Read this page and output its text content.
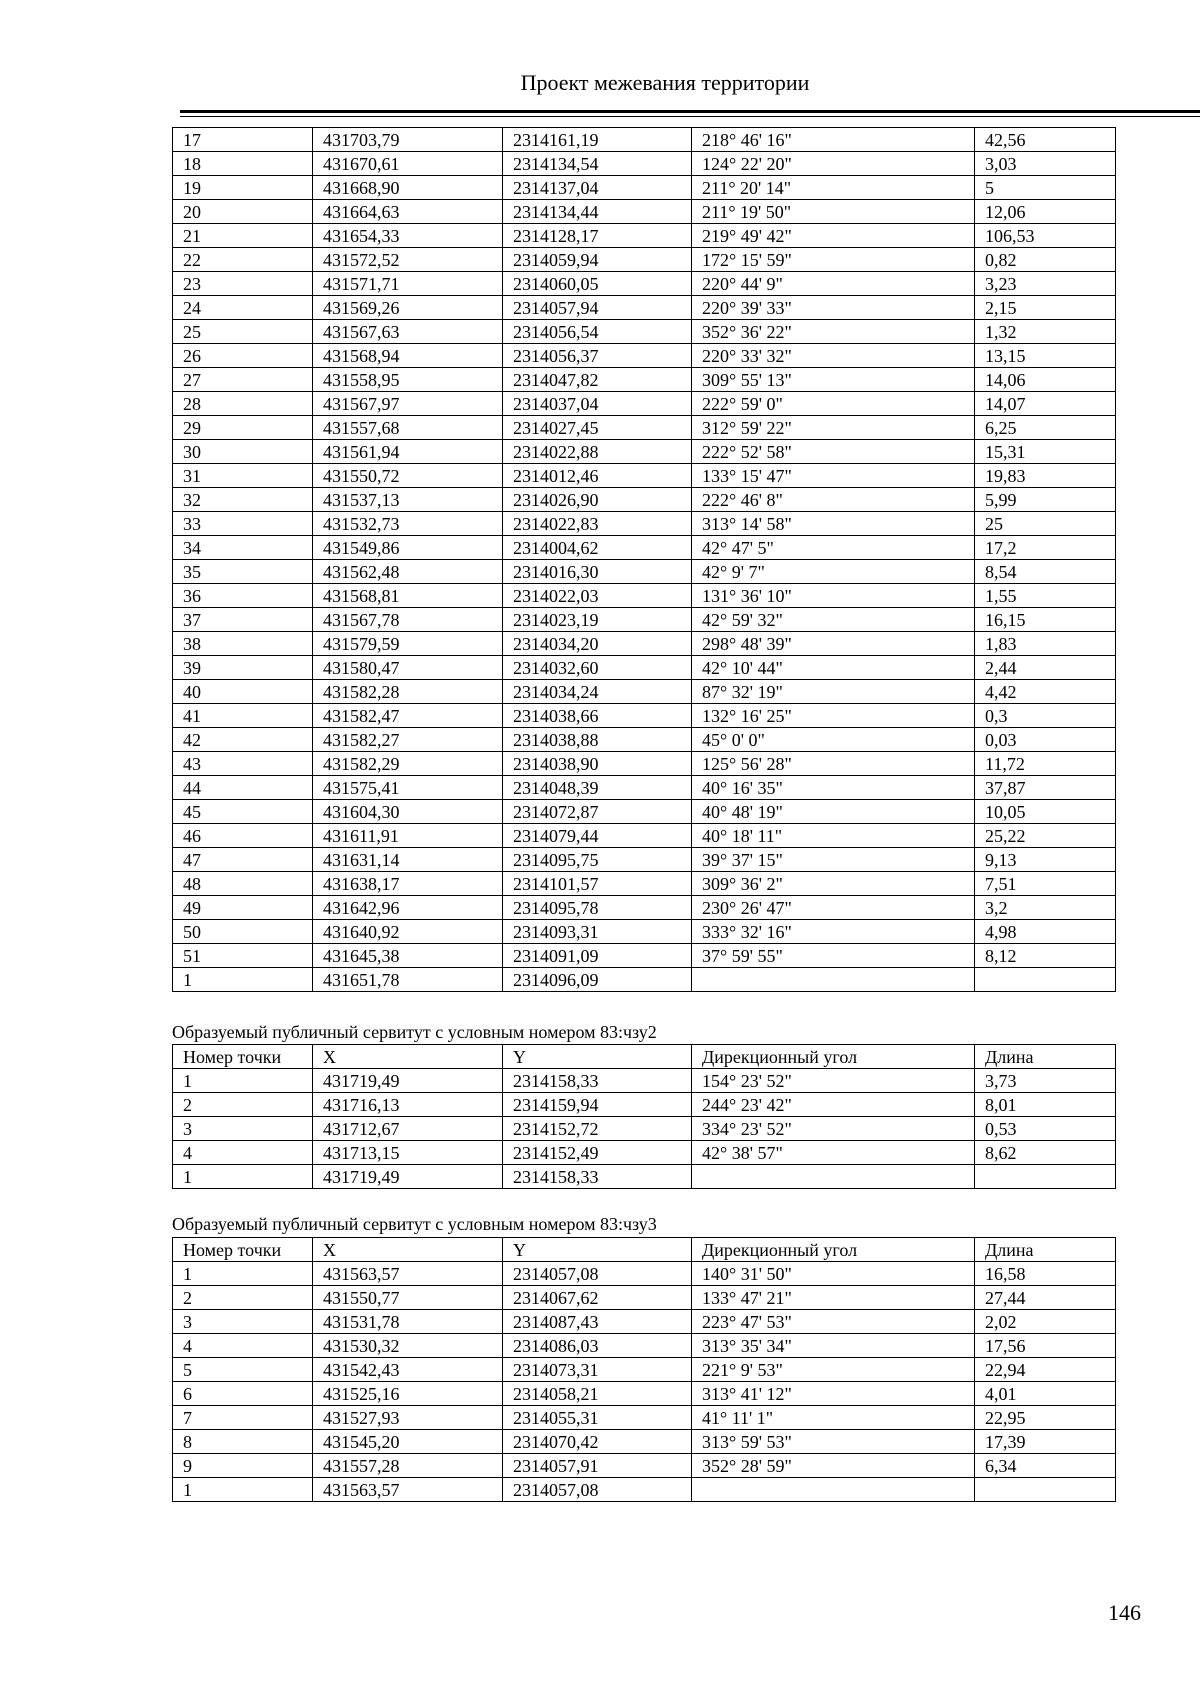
Проект межевания территории
17	431703,79	2314161,19	218° 46' 16"	42,56
18	431670,61	2314134,54	124° 22' 20"	3,03
19	431668,90	2314137,04	211° 20' 14"	5
20	431664,63	2314134,44	211° 19' 50"	12,06
21	431654,33	2314128,17	219° 49' 42"	106,53
22	431572,52	2314059,94	172° 15' 59"	0,82
23	431571,71	2314060,05	220° 44' 9"	3,23
24	431569,26	2314057,94	220° 39' 33"	2,15
25	431567,63	2314056,54	352° 36' 22"	1,32
26	431568,94	2314056,37	220° 33' 32"	13,15
27	431558,95	2314047,82	309° 55' 13"	14,06
28	431567,97	2314037,04	222° 59' 0"	14,07
29	431557,68	2314027,45	312° 59' 22"	6,25
30	431561,94	2314022,88	222° 52' 58"	15,31
31	431550,72	2314012,46	133° 15' 47"	19,83
32	431537,13	2314026,90	222° 46' 8"	5,99
33	431532,73	2314022,83	313° 14' 58"	25
34	431549,86	2314004,62	42° 47' 5"	17,2
35	431562,48	2314016,30	42° 9' 7"	8,54
36	431568,81	2314022,03	131° 36' 10"	1,55
37	431567,78	2314023,19	42° 59' 32"	16,15
38	431579,59	2314034,20	298° 48' 39"	1,83
39	431580,47	2314032,60	42° 10' 44"	2,44
40	431582,28	2314034,24	87° 32' 19"	4,42
41	431582,47	2314038,66	132° 16' 25"	0,3
42	431582,27	2314038,88	45° 0' 0"	0,03
43	431582,29	2314038,90	125° 56' 28"	11,72
44	431575,41	2314048,39	40° 16' 35"	37,87
45	431604,30	2314072,87	40° 48' 19"	10,05
46	431611,91	2314079,44	40° 18' 11"	25,22
47	431631,14	2314095,75	39° 37' 15"	9,13
48	431638,17	2314101,57	309° 36' 2"	7,51
49	431642,96	2314095,78	230° 26' 47"	3,2
50	431640,92	2314093,31	333° 32' 16"	4,98
51	431645,38	2314091,09	37° 59' 55"	8,12
1	431651,78	2314096,09		
Образуемый публичный сервитут с условным номером 83:чзу2
Номер точки	X	Y	Дирекционный угол	Длина
1	431719,49	2314158,33	154° 23' 52"	3,73
2	431716,13	2314159,94	244° 23' 42"	8,01
3	431712,67	2314152,72	334° 23' 52"	0,53
4	431713,15	2314152,49	42° 38' 57"	8,62
1	431719,49	2314158,33		
Образуемый публичный сервитут с условным номером 83:чзу3
Номер точки	X	Y	Дирекционный угол	Длина
1	431563,57	2314057,08	140° 31' 50"	16,58
2	431550,77	2314067,62	133° 47' 21"	27,44
3	431531,78	2314087,43	223° 47' 53"	2,02
4	431530,32	2314086,03	313° 35' 34"	17,56
5	431542,43	2314073,31	221° 9' 53"	22,94
6	431525,16	2314058,21	313° 41' 12"	4,01
7	431527,93	2314055,31	41° 11' 1"	22,95
8	431545,20	2314070,42	313° 59' 53"	17,39
9	431557,28	2314057,91	352° 28' 59"	6,34
1	431563,57	2314057,08		
146
